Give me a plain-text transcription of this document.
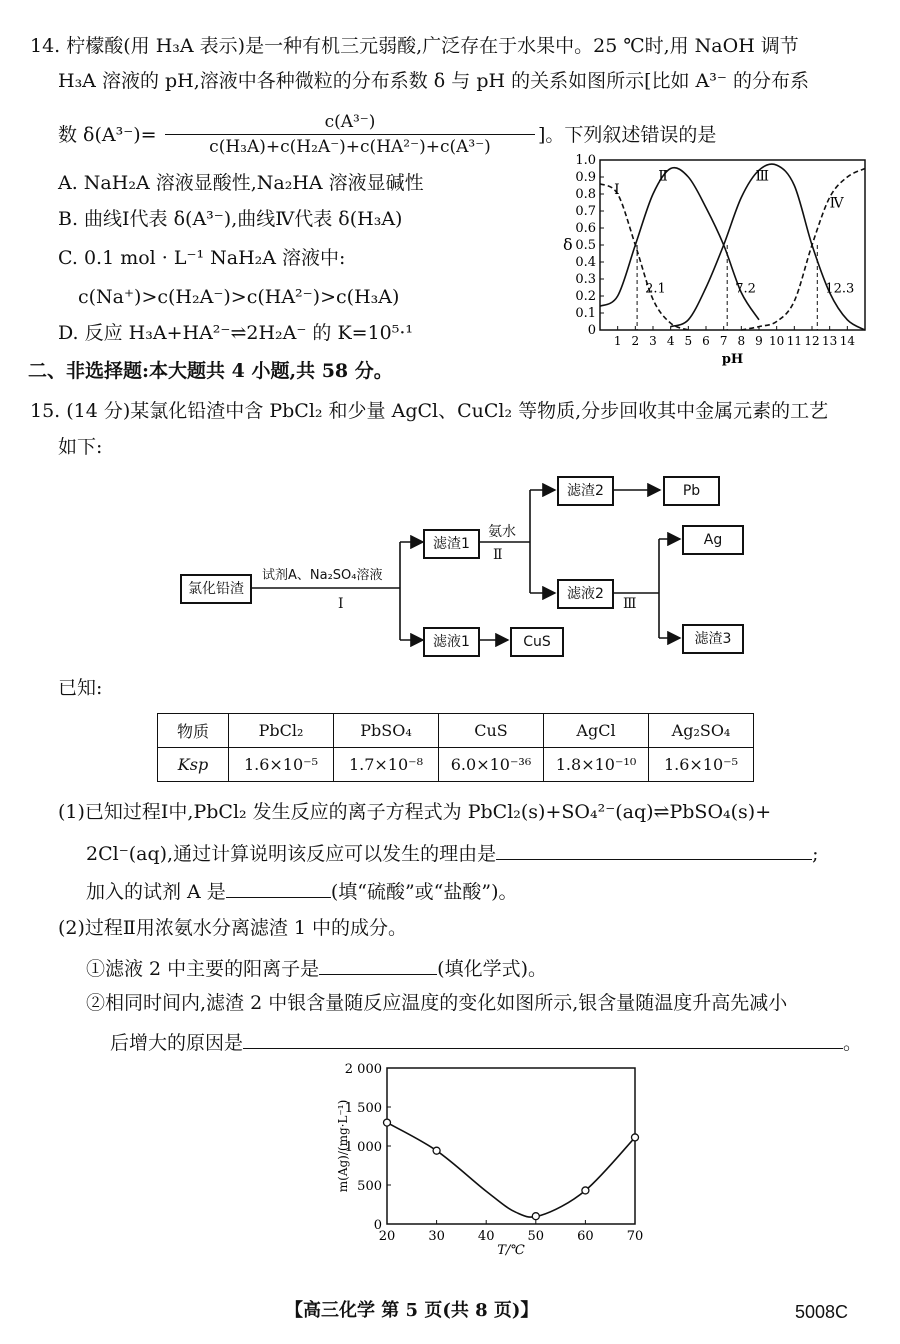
14. 柠檬酸(用 H₃A 表示)是一种有机三元弱酸,广泛存在于水果中。25 ℃时,用 NaOH 调节
H₃A 溶液的 pH,溶液中各种微粒的分布系数 δ 与 pH 的关系如图所示[比如 A³⁻ 的分布系
数 δ(A³⁻)=
c(A³⁻)
c(H₃A)+c(H₂A⁻)+c(HA²⁻)+c(A³⁻)
]。下列叙述错误的是
A. NaH₂A 溶液显酸性,Na₂HA 溶液显碱性
B. 曲线Ⅰ代表 δ(A³⁻),曲线Ⅳ代表 δ(H₃A)
C. 0.1 mol · L⁻¹ NaH₂A 溶液中:
c(Na⁺)>c(H₂A⁻)>c(HA²⁻)>c(H₃A)
D. 反应 H₃A+HA²⁻⇌2H₂A⁻ 的 K=10⁵·¹	0
0.1
0.2
0.3
0.4
0.5
0.6
0.7
0.8
0.9
1.0
1 2 3 4 5 6 7 8 9 10 11 12 13 14
pH
δ
Ⅰ
Ⅱ	Ⅲ
Ⅳ
2.1	7.2	12.3
二、非选择题:本大题共 4 小题,共 58 分。
15. (14 分)某氯化铅渣中含 PbCl₂ 和少量 AgCl、CuCl₂ 等物质,分步回收其中金属元素的工艺
如下:
氯化铅渣
试剂A、Na₂SO₄溶液
Ⅰ
滤渣1
滤液1	CuS
氨水
Ⅱ
滤渣2	Pb
滤液2
Ⅲ
Ag
滤渣3
已知:
物质	PbCl₂	PbSO₄	CuS	AgCl	Ag₂SO₄
Ksp	1.6×10⁻⁵	1.7×10⁻⁸	6.0×10⁻³⁶	1.8×10⁻¹⁰	1.6×10⁻⁵
(1)已知过程Ⅰ中,PbCl₂ 发生反应的离子方程式为 PbCl₂(s)+SO₄²⁻(aq)⇌PbSO₄(s)+
2Cl⁻(aq),通过计算说明该反应可以发生的理由是	;
加入的试剂 A 是	(填“硫酸”或“盐酸”)。
(2)过程Ⅱ用浓氨水分离滤渣 1 中的成分。
①滤液 2 中主要的阳离子是	(填化学式)。
②相同时间内,滤渣 2 中银含量随反应温度的变化如图所示,银含量随温度升高先减小
后增大的原因是	。
0
500
1 000
1 500
2 000
20	30	40	50	60	70
T/℃
m(Ag)/(mg·L⁻¹)
【高三化学 第 5 页(共 8 页)】	5008C
